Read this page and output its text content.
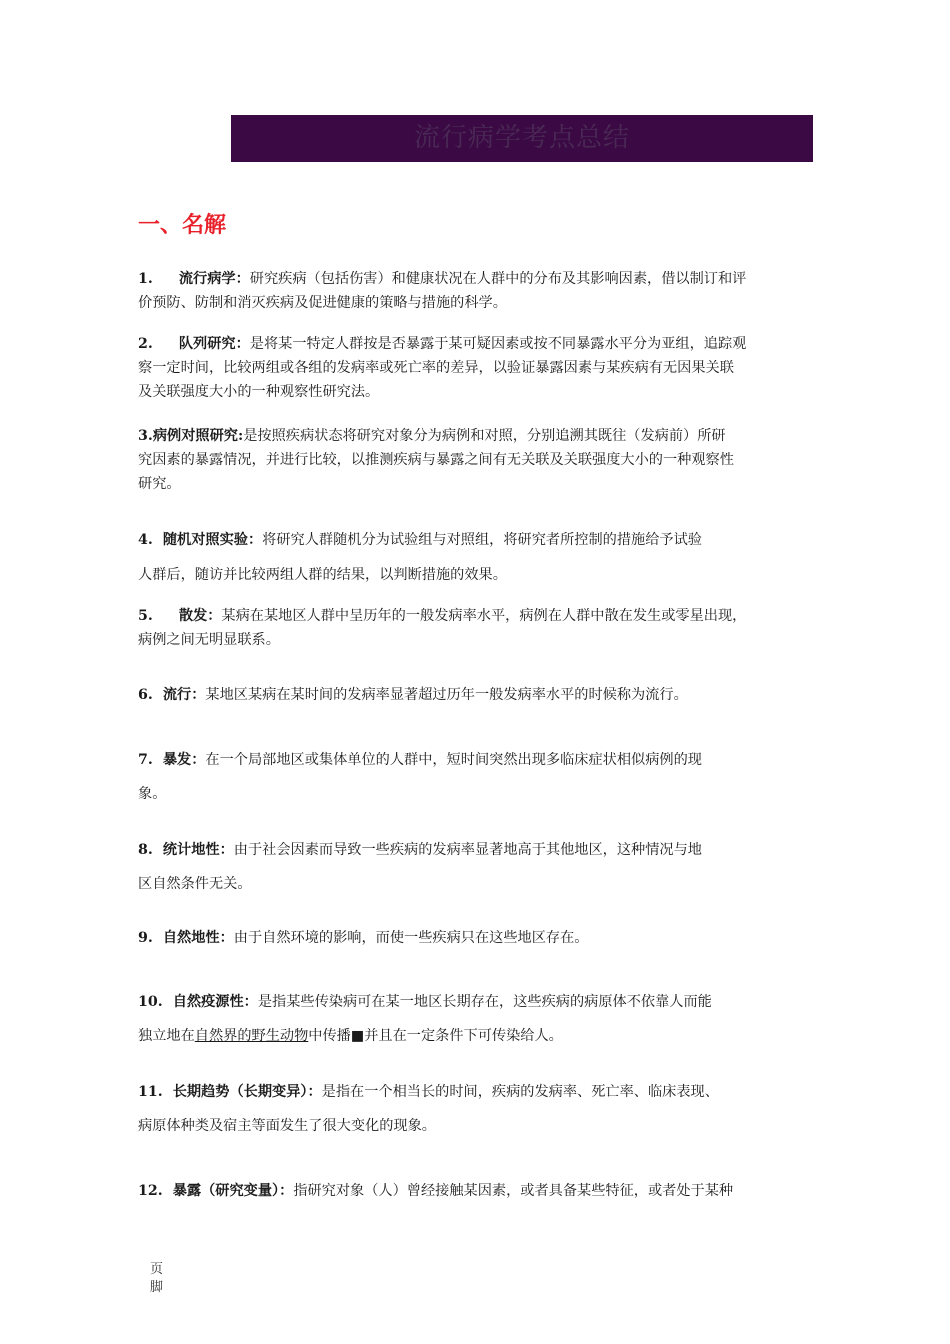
流行病学考点总结
一、名解
1. 流行病学：研究疾病（包括伤害）和健康状况在人群中的分布及其影响因素，借以制订和评
价预防、防制和消灭疾病及促进健康的策略与措施的科学。
2. 队列研究：是将某一特定人群按是否暴露于某可疑因素或按不同暴露水平分为亚组，追踪观
察一定时间，比较两组或各组的发病率或死亡率的差异，以验证暴露因素与某疾病有无因果关联
及关联强度大小的一种观察性研究法。
3.病例对照研究:是按照疾病状态将研究对象分为病例和对照，分别追溯其既往（发病前）所研
究因素的暴露情况，并进行比较，以推测疾病与暴露之间有无关联及关联强度大小的一种观察性
研究。
4. 随机对照实验：将研究人群随机分为试验组与对照组，将研究者所控制的措施给予试验
人群后，随访并比较两组人群的结果，以判断措施的效果。
5. 散发：某病在某地区人群中呈历年的一般发病率水平，病例在人群中散在发生或零星出现，
病例之间无明显联系。
6. 流行：某地区某病在某时间的发病率显著超过历年一般发病率水平的时候称为流行。
7. 暴发：在一个局部地区或集体单位的人群中，短时间突然出现多临床症状相似病例的现
象。
8. 统计地性：由于社会因素而导致一些疾病的发病率显著地高于其他地区，这种情况与地
区自然条件无关。
9. 自然地性：由于自然环境的影响，而使一些疾病只在这些地区存在。
10. 自然疫源性：是指某些传染病可在某一地区长期存在，这些疾病的病原体不依靠人而能
独立地在自然界的野生动物中传播■并且在一定条件下可传染给人。
11. 长期趋势（长期变异）：是指在一个相当长的时间，疾病的发病率、死亡率、临床表现、
病原体种类及宿主等面发生了很大变化的现象。
12. 暴露（研究变量）：指研究对象（人）曾经接触某因素，或者具备某些特征，或者处于某种
页
脚
